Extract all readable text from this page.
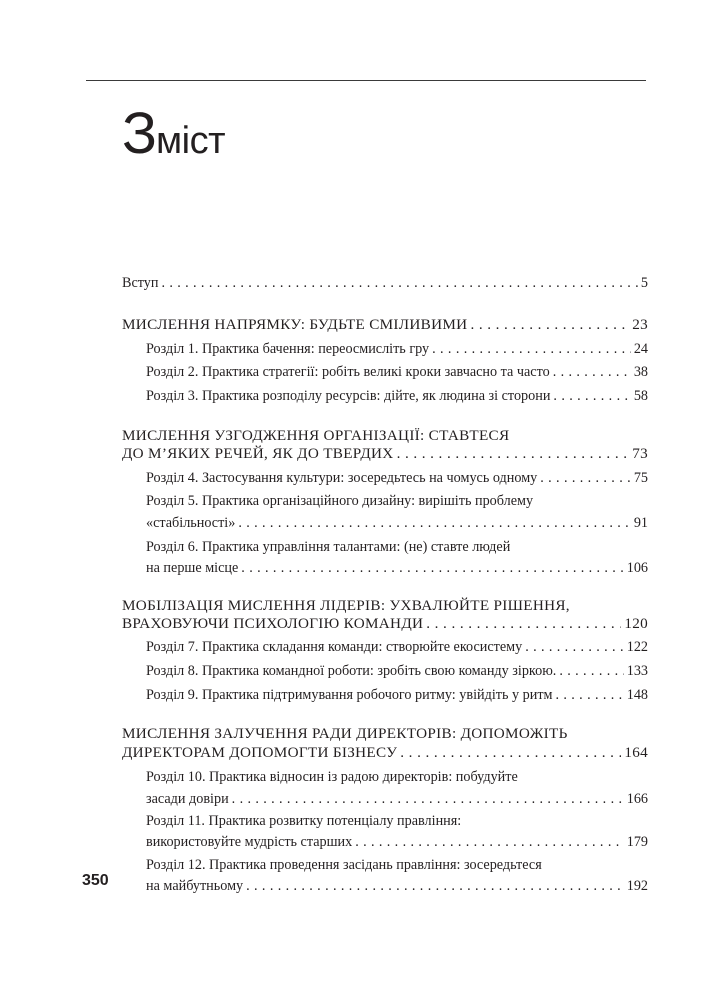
Зміст
Вступ . . .	5
МИСЛЕННЯ НАПРЯМКУ: БУДЬТЕ СМІЛИВИМИ . . .	23
Розділ 1. Практика бачення: переосмисліть гру . . .	24
Розділ 2. Практика стратегії: робіть великі кроки завчасно та часто . . .	38
Розділ 3. Практика розподілу ресурсів: дійте, як людина зі сторони . . .	58
МИСЛЕННЯ УЗГОДЖЕННЯ ОРГАНІЗАЦІЇ: СТАВТЕСЯ
ДО М’ЯКИХ РЕЧЕЙ, ЯК ДО ТВЕРДИХ . . .	73
Розділ 4. Застосування культури: зосередьтесь на чомусь одному . . .	75
Розділ 5. Практика організаційного дизайну: вирішіть проблему
«стабільності» . . .	91
Розділ 6. Практика управління талантами: (не) ставте людей
на перше місце . . .	106
МОБІЛІЗАЦІЯ МИСЛЕННЯ ЛІДЕРІВ: УХВАЛЮЙТЕ РІШЕННЯ,
ВРАХОВУЮЧИ ПСИХОЛОГІЮ КОМАНДИ . . .	120
Розділ 7. Практика складання команди: створюйте екосистему . . .	122
Розділ 8. Практика командної роботи: зробіть свою команду зіркою. . . .	133
Розділ 9. Практика підтримування робочого ритму: увійдіть у ритм . . .	148
МИСЛЕННЯ ЗАЛУЧЕННЯ РАДИ ДИРЕКТОРІВ: ДОПОМОЖІТЬ
ДИРЕКТОРАМ ДОПОМОГТИ БІЗНЕСУ . . .	164
Розділ 10. Практика відносин із радою директорів: побудуйте
засади довіри . . .	166
Розділ 11. Практика розвитку потенціалу правління:
використовуйте мудрість старших . . .	179
Розділ 12. Практика проведення засідань правління: зосередьтеся
на майбутньому . . .	192
350
